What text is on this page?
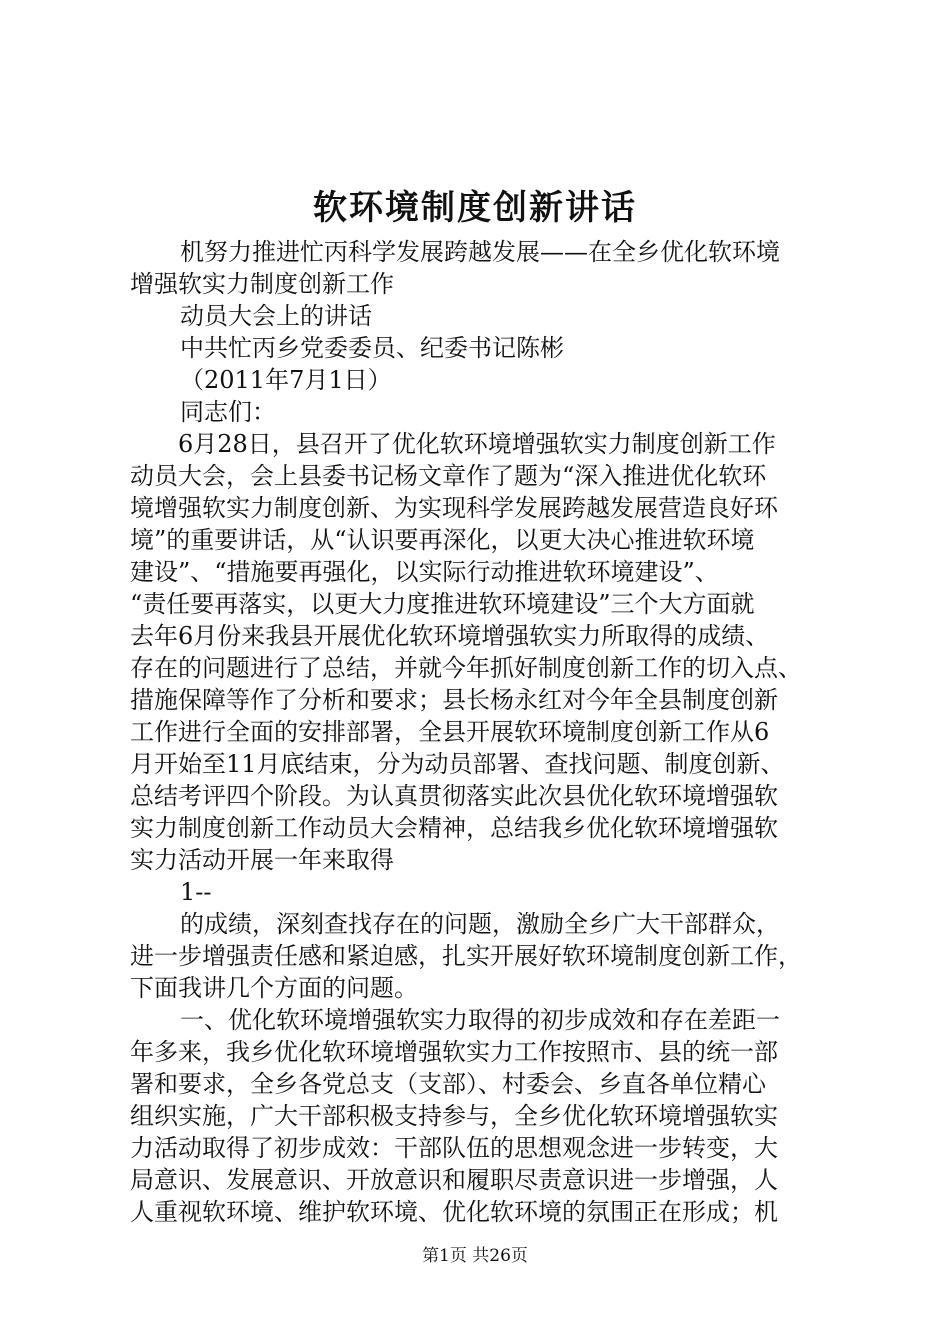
软环境制度创新讲话
机努力推进忙丙科学发展跨越发展——在全乡优化软环境
增强软实力制度创新工作
动员大会上的讲话
中共忙丙乡党委委员、纪委书记陈彬
（2011年7月1日）
同志们：
6月28日，县召开了优化软环境增强软实力制度创新工作
动员大会，会上县委书记杨文章作了题为“深入推进优化软环
境增强软实力制度创新、为实现科学发展跨越发展营造良好环
境”的重要讲话，从“认识要再深化，以更大决心推进软环境
建设”、“措施要再强化，以实际行动推进软环境建设”、
“责任要再落实，以更大力度推进软环境建设”三个大方面就
去年6月份来我县开展优化软环境增强软实力所取得的成绩、
存在的问题进行了总结，并就今年抓好制度创新工作的切入点、
措施保障等作了分析和要求；县长杨永红对今年全县制度创新
工作进行全面的安排部署，全县开展软环境制度创新工作从6
月开始至11月底结束，分为动员部署、查找问题、制度创新、
总结考评四个阶段。为认真贯彻落实此次县优化软环境增强软
实力制度创新工作动员大会精神，总结我乡优化软环境增强软
实力活动开展一年来取得
1--
的成绩，深刻查找存在的问题，激励全乡广大干部群众，
进一步增强责任感和紧迫感，扎实开展好软环境制度创新工作，
下面我讲几个方面的问题。
一、优化软环境增强软实力取得的初步成效和存在差距一
年多来，我乡优化软环境增强软实力工作按照市、县的统一部
署和要求，全乡各党总支（支部）、村委会、乡直各单位精心
组织实施，广大干部积极支持参与，全乡优化软环境增强软实
力活动取得了初步成效：干部队伍的思想观念进一步转变，大
局意识、发展意识、开放意识和履职尽责意识进一步增强，人
人重视软环境、维护软环境、优化软环境的氛围正在形成；机
第1页 共26页
